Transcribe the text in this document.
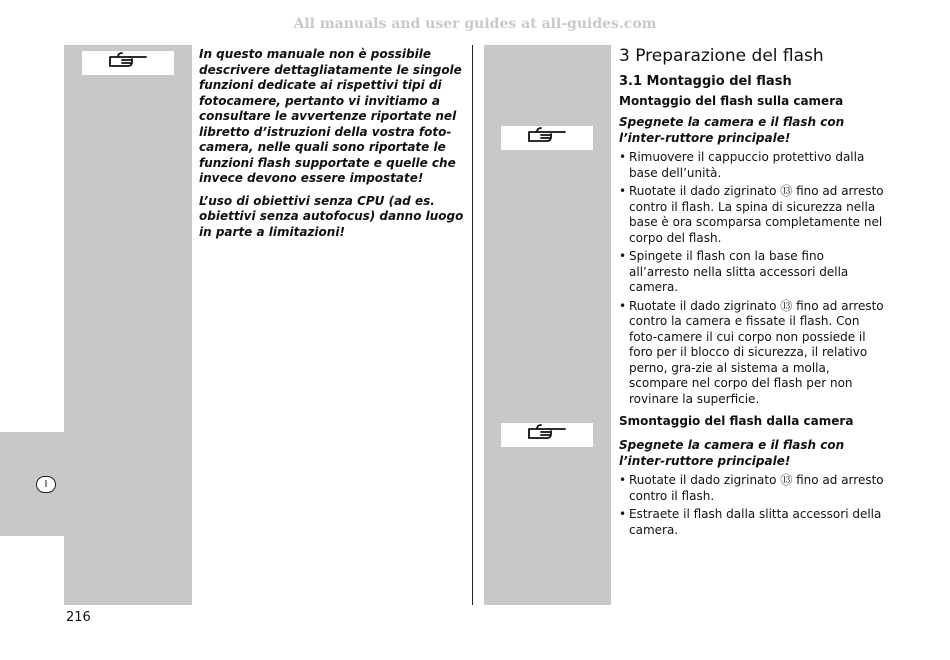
All manuals and user guides at all-guides.com
I

In questo manuale non è possibile descrivere dettagliatamente le singole funzioni dedicate ai rispettivi tipi di fotocamere, pertanto vi invitiamo a consultare le avvertenze riportate nel libretto d’istruzioni della vostra foto-camera, nelle quali sono riportate le funzioni flash supportate e quelle che invece devono essere impostate!

L’uso di obiettivi senza CPU (ad es. obiettivi senza autofocus) danno luogo in parte a limitazioni!

3 Preparazione del flash
3.1 Montaggio del flash
Montaggio del flash sulla camera

Spegnete la camera e il flash con l’inter-ruttore principale!

• Rimuovere il cappuccio protettivo dalla base dell’unità.
• Ruotate il dado zigrinato ⑬ fino ad arresto contro il flash. La spina di sicurezza nella base è ora scomparsa completamente nel corpo del flash.
• Spingete il flash con la base fino all’arresto nella slitta accessori della camera.
• Ruotate il dado zigrinato ⑬ fino ad arresto contro la camera e fissate il flash. Con foto-camere il cui corpo non possiede il foro per il blocco di sicurezza, il relativo perno, gra-zie al sistema a molla, scompare nel corpo del flash per non rovinare la superficie.
Smontaggio del flash dalla camera

Spegnete la camera e il flash con l’inter-ruttore principale!

• Ruotate il dado zigrinato ⑬ fino ad arresto contro il flash.
• Estraete il flash dalla slitta accessori della camera.
216
